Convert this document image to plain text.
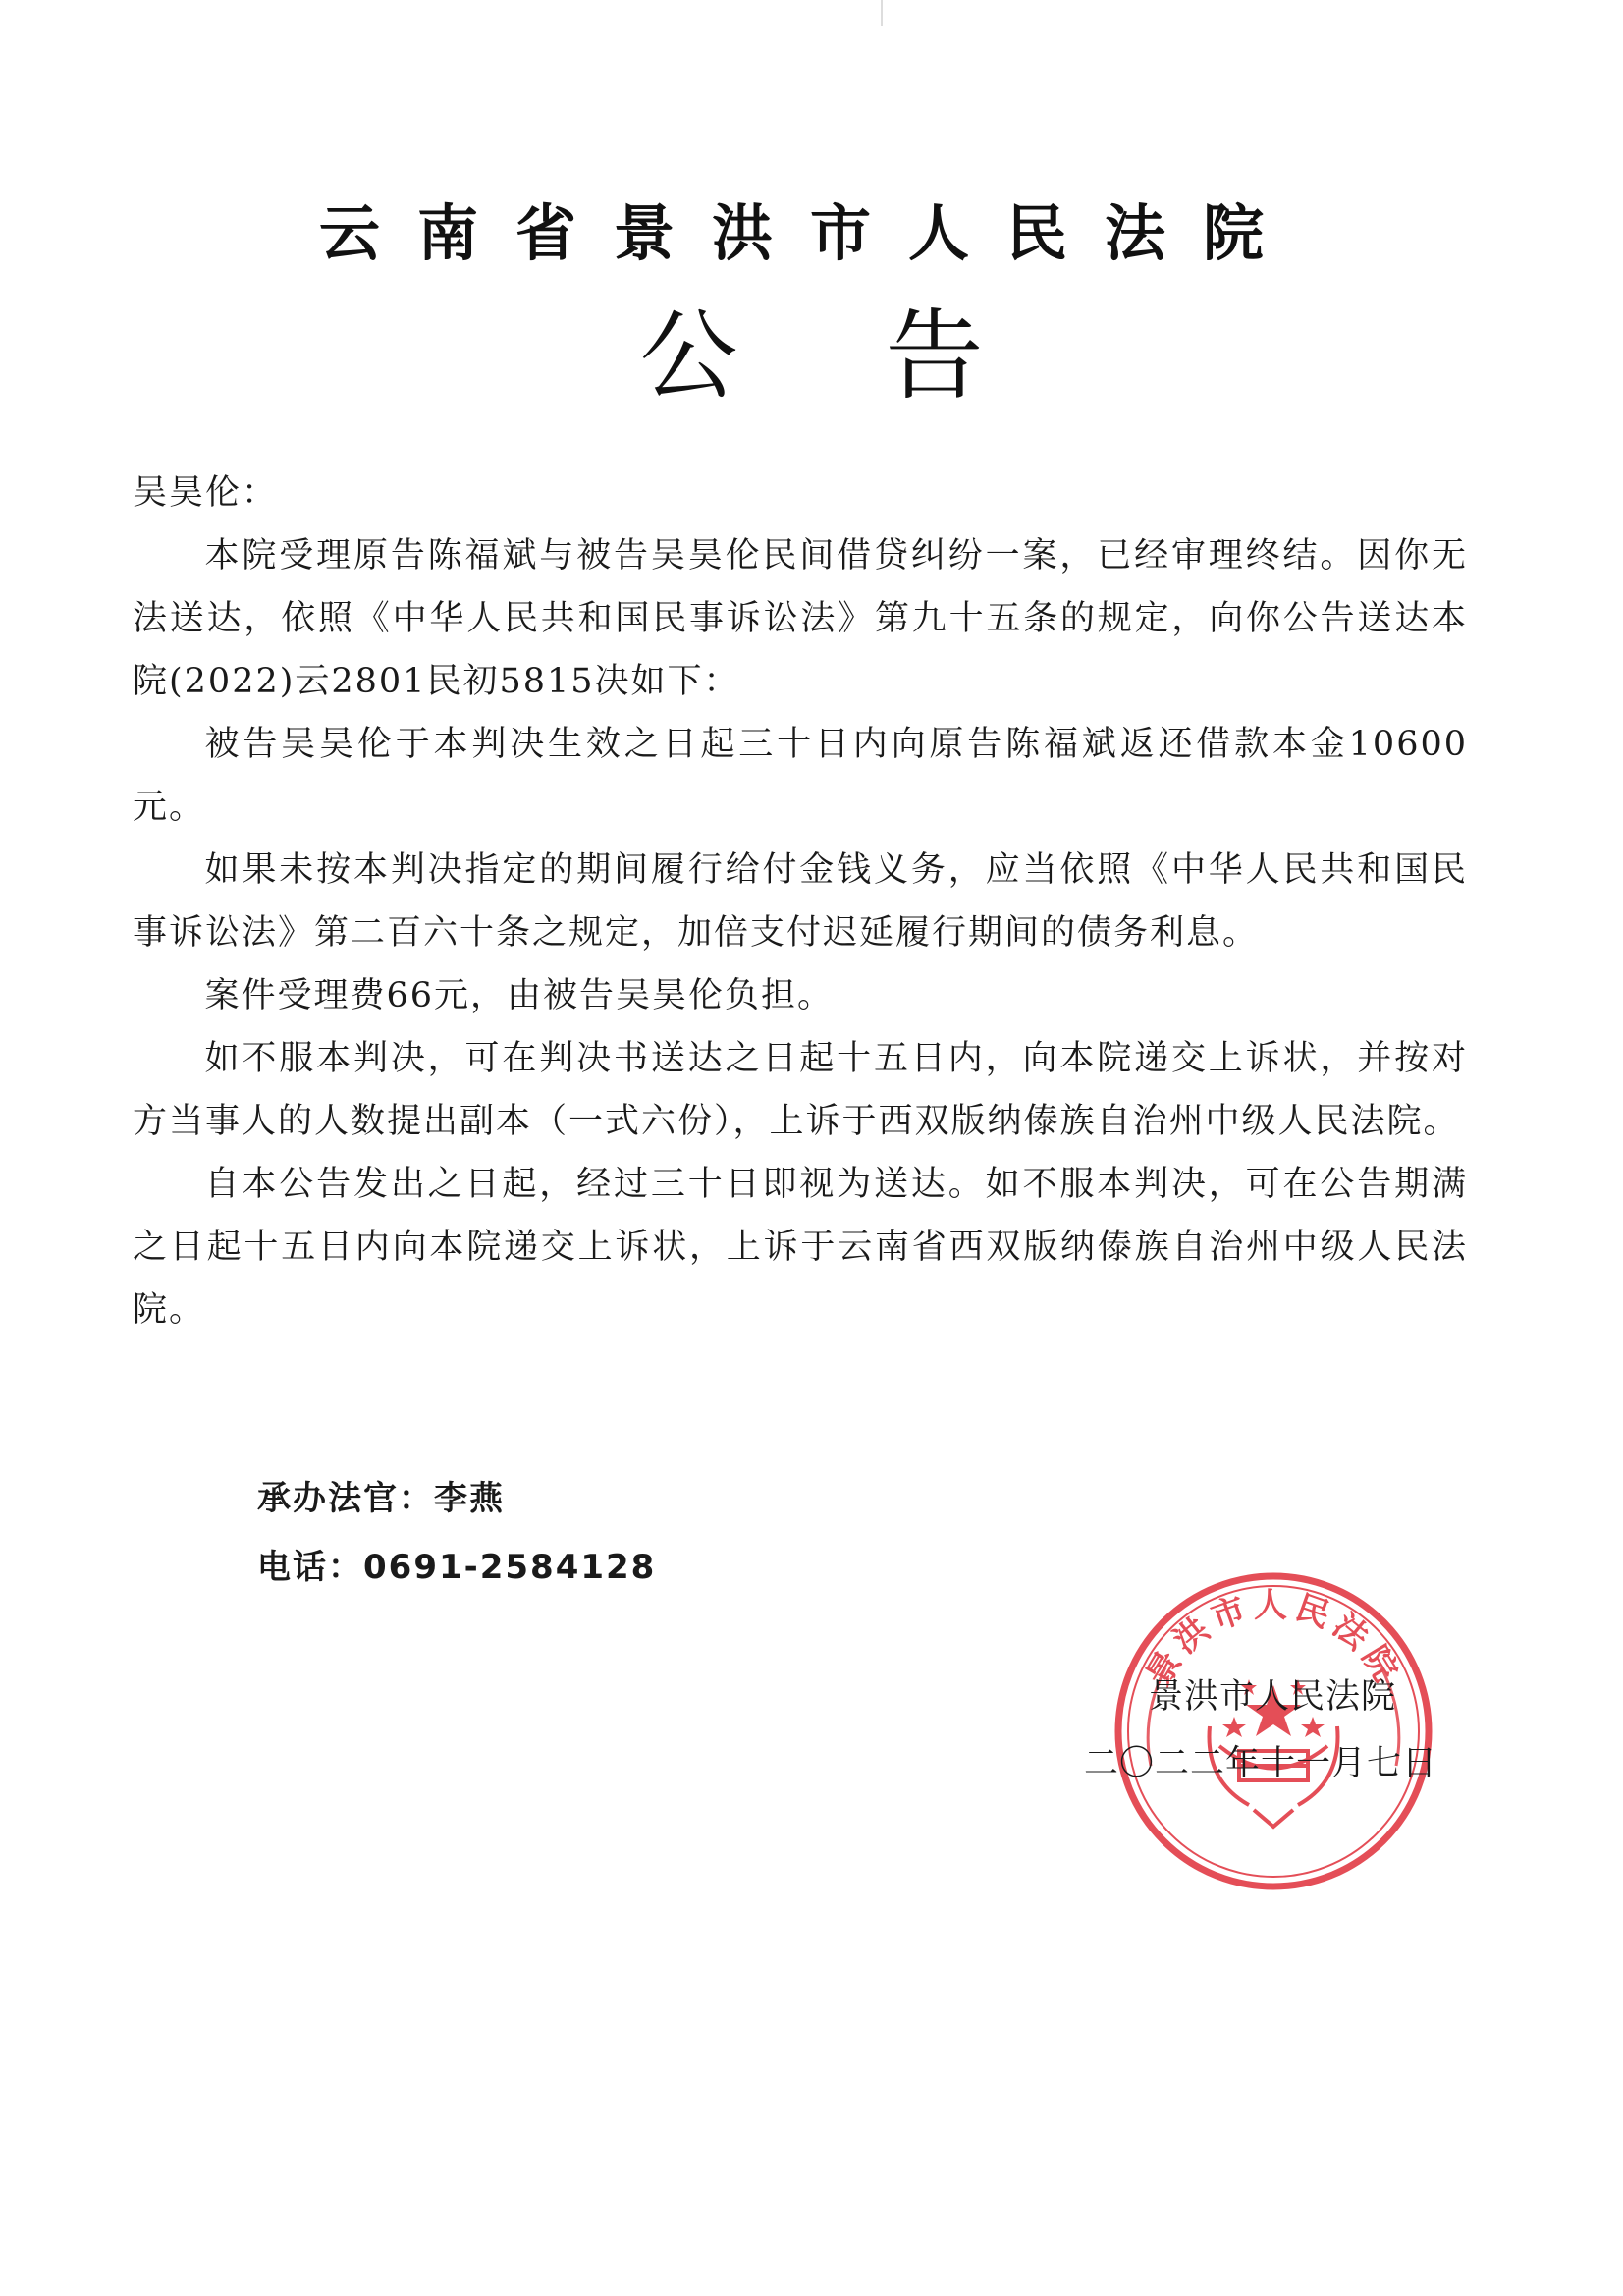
云南省景洪市人民法院
公告

吴昊伦：

本院受理原告陈福斌与被告吴昊伦民间借贷纠纷一案，已经审理终结。因你无法送达，依照《中华人民共和国民事诉讼法》第九十五条的规定，向你公告送达本院(2022)云2801民初5815决如下：

被告吴昊伦于本判决生效之日起三十日内向原告陈福斌返还借款本金10600元。

如果未按本判决指定的期间履行给付金钱义务，应当依照《中华人民共和国民事诉讼法》第二百六十条之规定，加倍支付迟延履行期间的债务利息。

案件受理费66元，由被告吴昊伦负担。

如不服本判决，可在判决书送达之日起十五日内，向本院递交上诉状，并按对方当事人的人数提出副本（一式六份），上诉于西双版纳傣族自治州中级人民法院。

自本公告发出之日起，经过三十日即视为送达。如不服本判决，可在公告期满之日起十五日内向本院递交上诉状，上诉于云南省西双版纳傣族自治州中级人民法院。

承办法官：李燕
电话：0691-2584128
景洪市人民法院
景洪市人民法院
二〇二二年十一月七日
